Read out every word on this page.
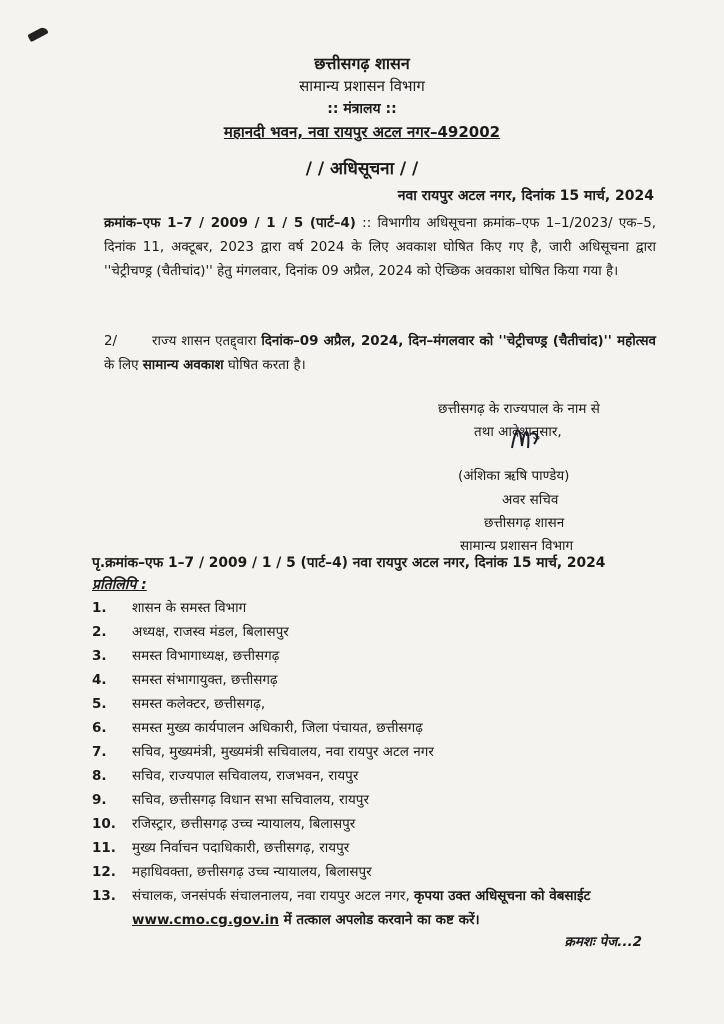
छत्तीसगढ़ शासन
सामान्य प्रशासन विभाग
:: मंत्रालय ::
महानदी भवन, नवा रायपुर अटल नगर–492002
/ / अधिसूचना / /
नवा रायपुर अटल नगर, दिनांक 15 मार्च, 2024
क्रमांक–एफ 1–7 / 2009 / 1 / 5 (पार्ट–4) :: विभागीय अधिसूचना क्रमांक–एफ 1–1/2023/ एक–5, दिनांक 11, अक्टूबर, 2023 द्वारा वर्ष 2024 के लिए अवकाश घोषित किए गए है, जारी अधिसूचना द्वारा ''चेट्रीचण्ड्र (चैतीचांद)'' हेतु मंगलवार, दिनांक 09 अप्रैल, 2024 को ऐच्छिक अवकाश घोषित किया गया है।
2/	राज्य शासन एतद्द्वारा दिनांक–09 अप्रैल, 2024, दिन–मंगलवार को ''चेट्रीचण्ड्र (चैतीचांद)'' महोत्सव के लिए सामान्य अवकाश घोषित करता है।
छत्तीसगढ़ के राज्यपाल के नाम से
तथा आदेशानुसार,
(अंशिका ऋषि पाण्डेय)
अवर सचिव
छत्तीसगढ़ शासन
सामान्य प्रशासन विभाग
पृ.क्रमांक–एफ 1–7 / 2009 / 1 / 5 (पार्ट–4) नवा रायपुर अटल नगर, दिनांक 15 मार्च, 2024
प्रतिलिपि :
1.	शासन के समस्त विभाग
2.	अध्यक्ष, राजस्व मंडल, बिलासपुर
3.	समस्त विभागाध्यक्ष, छत्तीसगढ़
4.	समस्त संभागायुक्त, छत्तीसगढ़
5.	समस्त कलेक्टर, छत्तीसगढ़,
6.	समस्त मुख्य कार्यपालन अधिकारी, जिला पंचायत, छत्तीसगढ़
7.	सचिव, मुख्यमंत्री, मुख्यमंत्री सचिवालय, नवा रायपुर अटल नगर
8.	सचिव, राज्यपाल सचिवालय, राजभवन, रायपुर
9.	सचिव, छत्तीसगढ़ विधान सभा सचिवालय, रायपुर
10.	रजिस्ट्रार, छत्तीसगढ़ उच्च न्यायालय, बिलासपुर
11.	मुख्य निर्वाचन पदाधिकारी, छत्तीसगढ़, रायपुर
12.	महाधिवक्ता, छत्तीसगढ़ उच्च न्यायालय, बिलासपुर
13.	संचालक, जनसंपर्क संचालनालय, नवा रायपुर अटल नगर, कृपया उक्त अधिसूचना को वेबसाईट www.cmo.cg.gov.in में तत्काल अपलोड करवाने का कष्ट करें।
क्रमशः पेज...2
